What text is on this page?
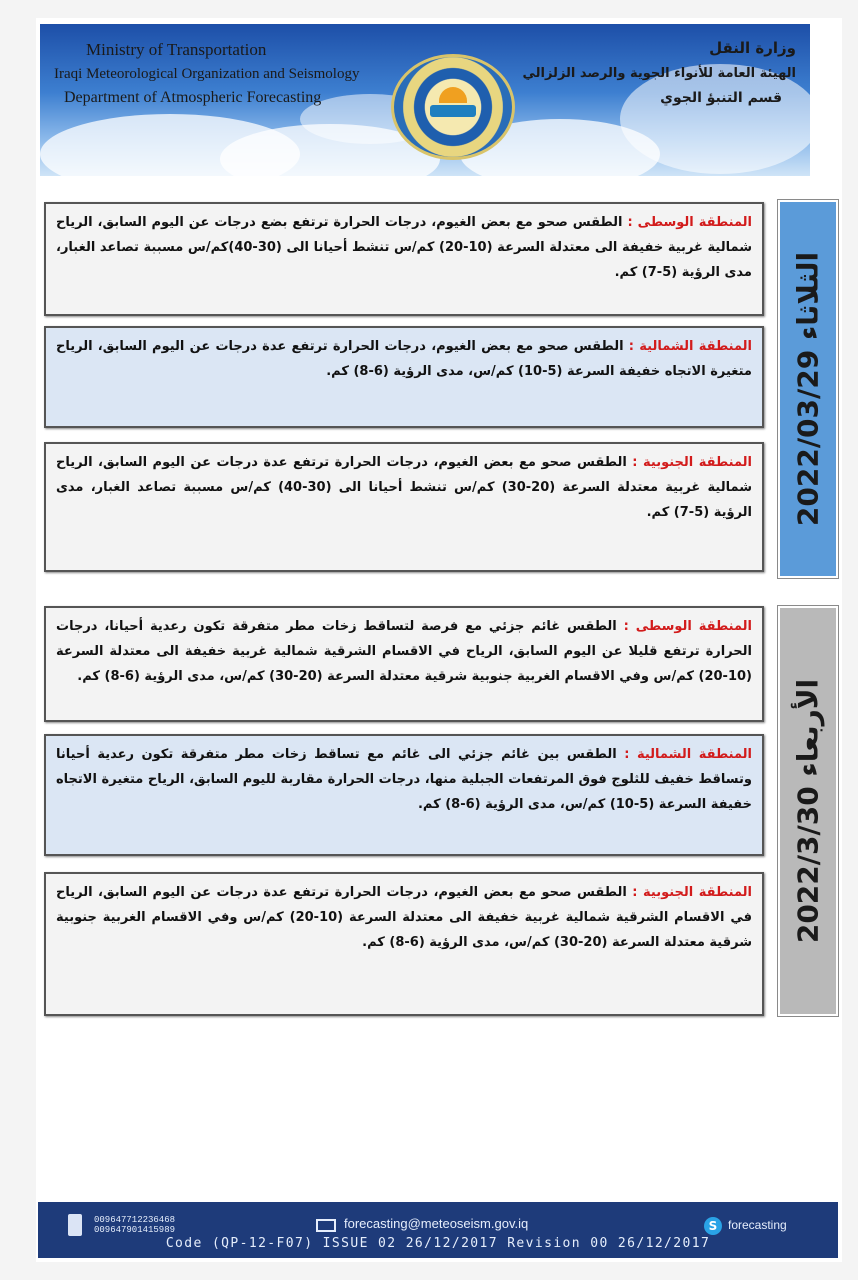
Ministry of Transportation
Iraqi Meteorological Organization and Seismology
Department of Atmospheric Forecasting
وزارة النقل
الهيئة العامة للأنواء الجوية والرصد الزلزالي
قسم التنبؤ الجوي
الثلاثاء 2022/03/29
المنطقة الوسطى : الطقس صحو مع بعض الغيوم، درجات الحرارة ترتفع بضع درجات عن اليوم السابق، الرياح شمالية غربية خفيفة الى معتدلة السرعة (10-20) كم/س تنشط أحيانا الى (30-40)كم/س مسببة تصاعد الغبار، مدى الرؤية (5-7) كم.
المنطقة الشمالية : الطقس صحو مع بعض الغيوم، درجات الحرارة ترتفع عدة درجات عن اليوم السابق، الرياح متغيرة الاتجاه خفيفة السرعة (5-10) كم/س، مدى الرؤية (6-8) كم.
المنطقة الجنوبية : الطقس صحو مع بعض الغيوم، درجات الحرارة ترتفع عدة درجات عن اليوم السابق، الرياح شمالية غربية معتدلة السرعة (20-30) كم/س تنشط أحيانا الى (30-40) كم/س مسببة تصاعد الغبار، مدى الرؤية (5-7) كم.
الأربعاء 2022/3/30
المنطقة الوسطى : الطقس غائم جزئي مع فرصة لتساقط زخات مطر متفرقة تكون رعدية أحيانا، درجات الحرارة ترتفع قليلا عن اليوم السابق، الرياح في الاقسام الشرقية شمالية غربية خفيفة الى معتدلة السرعة (10-20) كم/س وفي الاقسام الغربية جنوبية شرقية معتدلة السرعة (20-30) كم/س، مدى الرؤية (6-8) كم.
المنطقة الشمالية : الطقس بين غائم جزئي الى غائم مع تساقط زخات مطر متفرقة تكون رعدية أحيانا وتساقط خفيف للثلوج فوق المرتفعات الجبلية منها، درجات الحرارة مقاربة لليوم السابق، الرياح متغيرة الاتجاه خفيفة السرعة (5-10) كم/س، مدى الرؤية (6-8) كم.
المنطقة الجنوبية : الطقس صحو مع بعض الغيوم، درجات الحرارة ترتفع عدة درجات عن اليوم السابق، الرياح في الاقسام الشرقية شمالية غربية خفيفة الى معتدلة السرعة (10-20) كم/س وفي الاقسام الغربية جنوبية شرقية معتدلة السرعة (20-30) كم/س، مدى الرؤية (6-8) كم.
009647712236468
009647901415989	forecasting@meteoseism.gov.iq	S forecasting
Code (QP-12-F07) ISSUE 02 26/12/2017 Revision 00 26/12/2017
